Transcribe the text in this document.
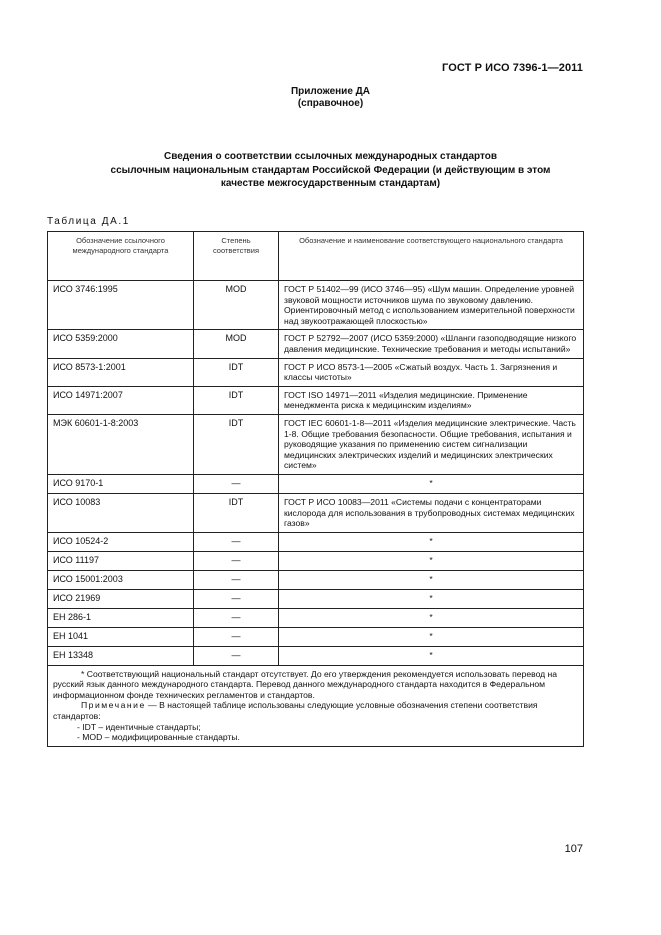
ГОСТ Р ИСО 7396-1—2011
Приложение ДА
(справочное)
Сведения о соответствии ссылочных международных стандартов
ссылочным национальным стандартам Российской Федерации (и действующим в этом
качестве межгосударственным стандартам)
Таблица ДА.1
Обозначение ссылочного международного стандарта	Степень соответствия	Обозначение и наименование соответствующего национального стандарта
ИСО 3746:1995	MOD	ГОСТ Р 51402—99 (ИСО 3746—95) «Шум машин. Определение уровней звуковой мощности источников шума по звуковому давлению. Ориентировочный метод с использованием измерительной поверхности над звукоотражающей плоскостью»
ИСО 5359:2000	MOD	ГОСТ Р 52792—2007 (ИСО 5359:2000) «Шланги газоподводящие низкого давления медицинские. Технические требования и методы испытаний»
ИСО 8573-1:2001	IDT	ГОСТ Р ИСО 8573-1—2005 «Сжатый воздух. Часть 1. Загрязнения и классы чистоты»
ИСО 14971:2007	IDT	ГОСТ ISO 14971—2011 «Изделия медицинские. Применение менеджмента риска к медицинским изделиям»
МЭК 60601-1-8:2003	IDT	ГОСТ IEC 60601-1-8—2011 «Изделия медицинские электрические. Часть 1-8. Общие требования безопасности. Общие требования, испытания и руководящие указания по применению систем сигнализации медицинских электрических изделий и медицинских электрических систем»
ИСО 9170-1	—	*
ИСО 10083	IDT	ГОСТ Р ИСО 10083—2011 «Системы подачи с концентраторами кислорода для использования в трубопроводных системах медицинских газов»
ИСО 10524-2	—	*
ИСО 11197	—	*
ИСО 15001:2003	—	*
ИСО 21969	—	*
ЕН 286-1	—	*
ЕН 1041	—	*
ЕН 13348	—	*

* Соответствующий национальный стандарт отсутствует. До его утверждения рекомендуется использовать перевод на русский язык данного международного стандарта. Перевод данного международного стандарта находится в Федеральном информационном фонде технических регламентов и стандартов.

Примечание — В настоящей таблице использованы следующие условные обозначения степени соответствия стандартов:

- IDT – идентичные стандарты;

- MOD – модифицированные стандарты.		

107
